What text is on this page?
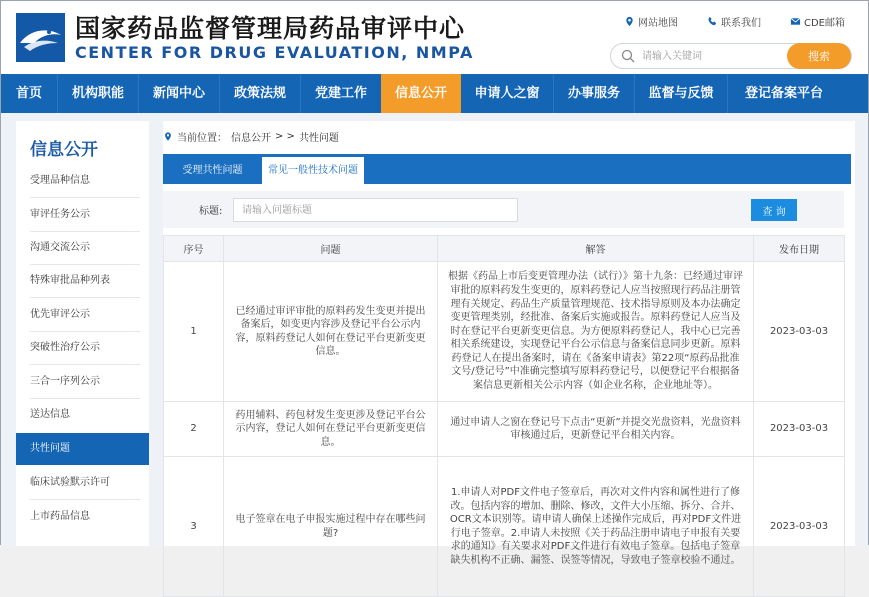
国家药品监督管理局药品审评中心
CENTER FOR DRUG EVALUATION, NMPA
网站地图	联系我们	CDE邮箱
请输入关键词
搜索
首页	机构职能	新闻中心	政策法规	党建工作	信息公开	申请人之窗	办事服务	监督与反馈	登记备案平台
信息公开
受理品种信息
审评任务公示
沟通交流公示
特殊审批品种列表
优先审评公示
突破性治疗公示
三合一序列公示
送达信息
共性问题
临床试验默示许可
上市药品信息
当前位置： 信息公开 > > 共性问题
受理共性问题	常见一般性技术问题
标题:
请输入问题标题	查 询
序号	问题	解答	发布日期
1	已经通过审评审批的原料药发生变更并提出备案后，如变更内容涉及登记平台公示内容，原料药登记人如何在登记平台更新变更信息。	根据《药品上市后变更管理办法（试行）》第十九条：已经通过审评审批的原料药发生变更的，原料药登记人应当按照现行药品注册管理有关规定、药品生产质量管理规范、技术指导原则及本办法确定变更管理类别，经批准、备案后实施或报告。原料药登记人应当及时在登记平台更新变更信息。为方便原料药登记人，我中心已完善相关系统建设，实现登记平台公示信息与备案信息同步更新。原料药登记人在提出备案时，请在《备案申请表》第22项“原药品批准文号/登记号”中准确完整填写原料药登记号，以便登记平台根据备案信息更新相关公示内容（如企业名称，企业地址等）。	2023-03-03
2	药用辅料、药包材发生变更涉及登记平台公示内容，登记人如何在登记平台更新变更信息。	通过申请人之窗在登记号下点击“更新”并提交光盘资料，光盘资料审核通过后，更新登记平台相关内容。	2023-03-03
3	电子签章在电子申报实施过程中存在哪些问题?	1.申请人对PDF文件电子签章后，再次对文件内容和属性进行了修改。包括内容的增加、删除、修改，文件大小压缩、拆分、合并、OCR文本识别等。请申请人确保上述操作完成后，再对PDF文件进行电子签章。2.申请人未按照《关于药品注册申请电子申报有关要求的通知》有关要求对PDF文件进行有效电子签章。包括电子签章缺失机构不正确、漏签、误签等情况，导致电子签章校验不通过。	2023-03-03
